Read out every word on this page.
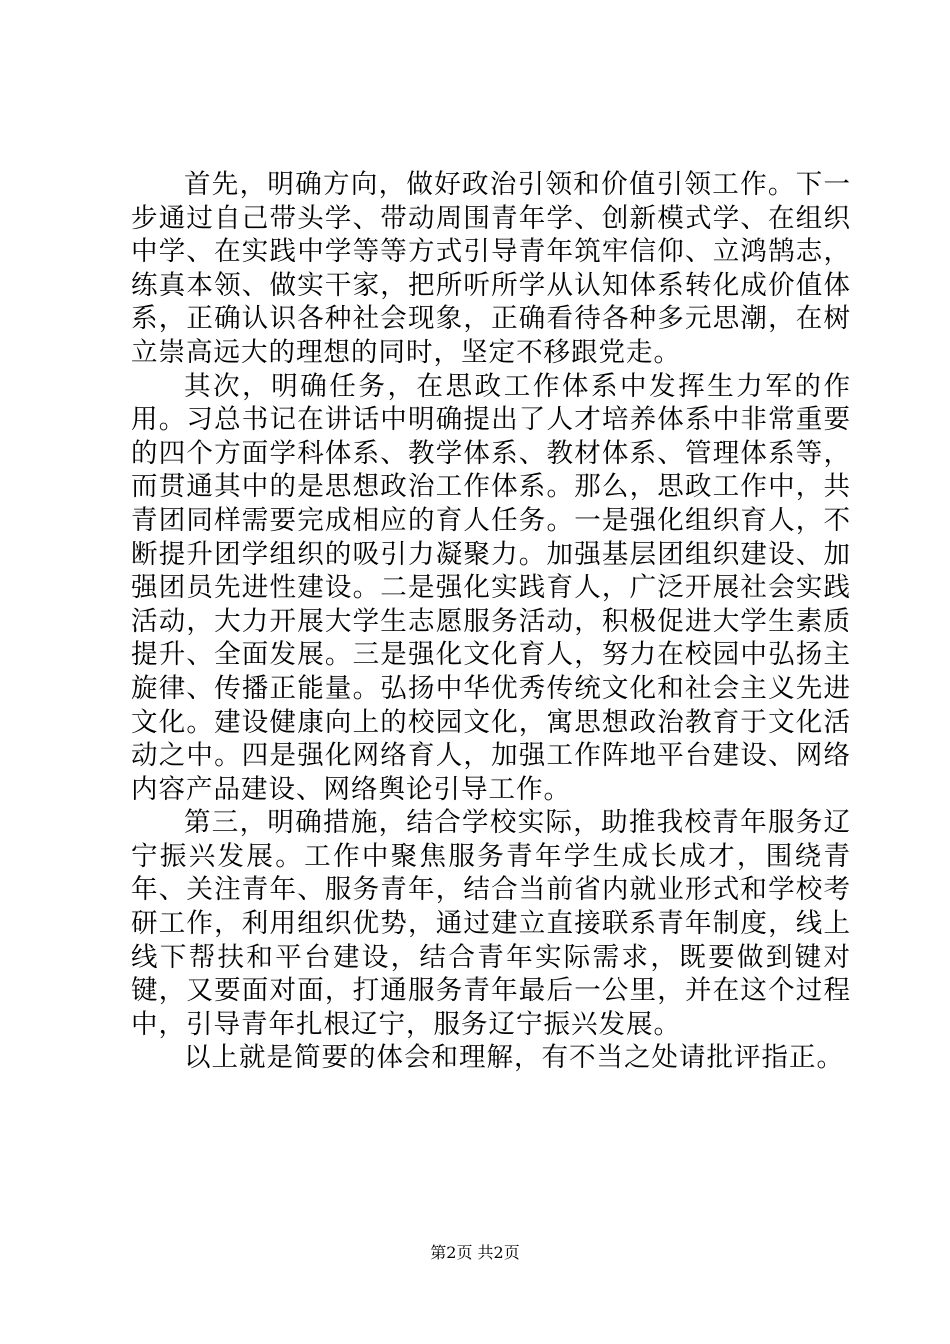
首先，明确方向，做好政治引领和价值引领工作。下一步通过自己带头学、带动周围青年学、创新模式学、在组织中学、在实践中学等等方式引导青年筑牢信仰、立鸿鹄志，练真本领、做实干家，把所听所学从认知体系转化成价值体系，正确认识各种社会现象，正确看待各种多元思潮，在树立崇高远大的理想的同时，坚定不移跟党走。

其次，明确任务，在思政工作体系中发挥生力军的作用。习总书记在讲话中明确提出了人才培养体系中非常重要的四个方面学科体系、教学体系、教材体系、管理体系等，而贯通其中的是思想政治工作体系。那么，思政工作中，共青团同样需要完成相应的育人任务。一是强化组织育人，不断提升团学组织的吸引力凝聚力。加强基层团组织建设、加强团员先进性建设。二是强化实践育人，广泛开展社会实践活动，大力开展大学生志愿服务活动，积极促进大学生素质提升、全面发展。三是强化文化育人，努力在校园中弘扬主旋律、传播正能量。弘扬中华优秀传统文化和社会主义先进文化。建设健康向上的校园文化，寓思想政治教育于文化活动之中。四是强化网络育人，加强工作阵地平台建设、网络内容产品建设、网络舆论引导工作。

第三，明确措施，结合学校实际，助推我校青年服务辽宁振兴发展。工作中聚焦服务青年学生成长成才，围绕青年、关注青年、服务青年，结合当前省内就业形式和学校考研工作，利用组织优势，通过建立直接联系青年制度，线上线下帮扶和平台建设，结合青年实际需求，既要做到键对键，又要面对面，打通服务青年最后一公里，并在这个过程中，引导青年扎根辽宁，服务辽宁振兴发展。

以上就是简要的体会和理解，有不当之处请批评指正。

第2页 共2页
